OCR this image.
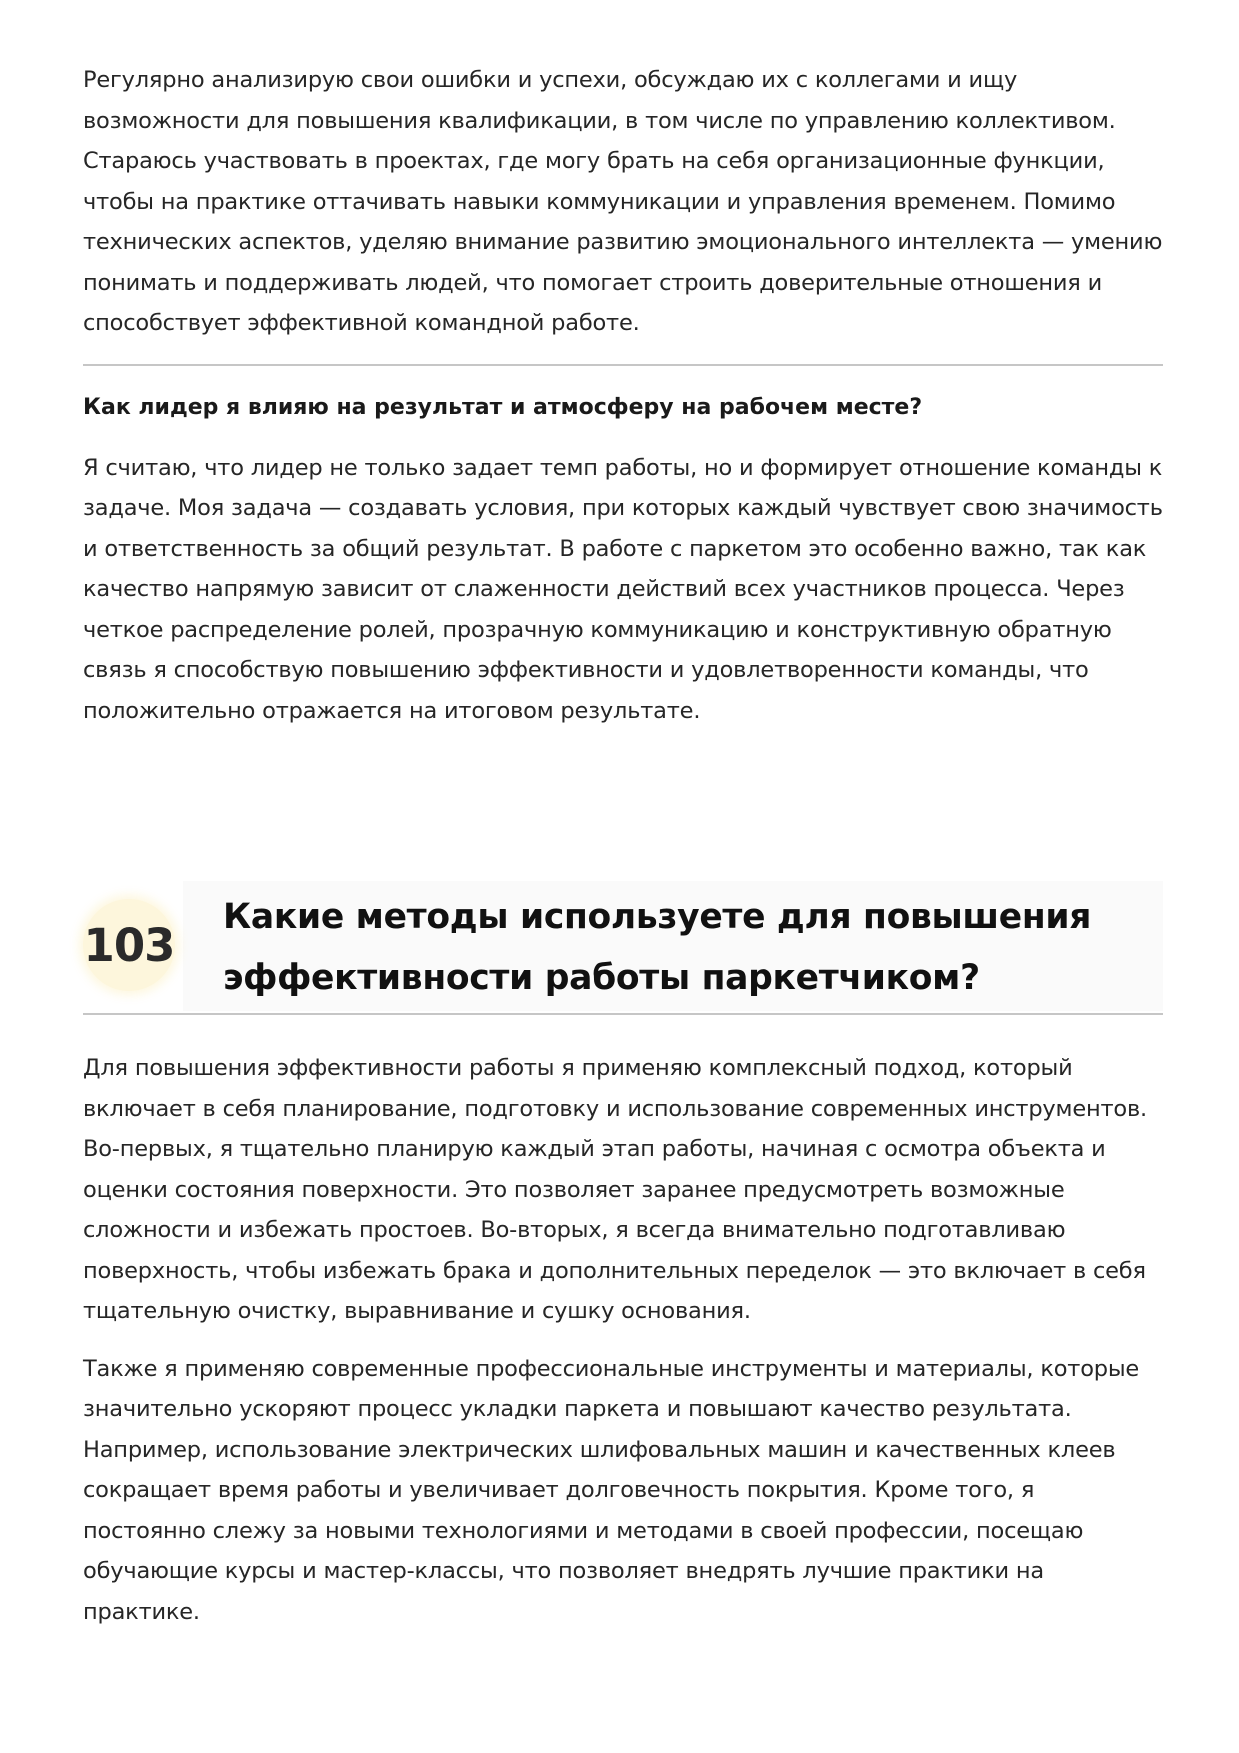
Регулярно анализирую свои ошибки и успехи, обсуждаю их с коллегами и ищу возможности для повышения квалификации, в том числе по управлению коллективом. Стараюсь участвовать в проектах, где могу брать на себя организационные функции, чтобы на практике оттачивать навыки коммуникации и управления временем. Помимо технических аспектов, уделяю внимание развитию эмоционального интеллекта — умению понимать и поддерживать людей, что помогает строить доверительные отношения и способствует эффективной командной работе.

Как лидер я влияю на результат и атмосферу на рабочем месте?

Я считаю, что лидер не только задает темп работы, но и формирует отношение команды к задаче. Моя задача — создавать условия, при которых каждый чувствует свою значимость и ответственность за общий результат. В работе с паркетом это особенно важно, так как качество напрямую зависит от слаженности действий всех участников процесса. Через четкое распределение ролей, прозрачную коммуникацию и конструктивную обратную связь я способствую повышению эффективности и удовлетворенности команды, что положительно отражается на итоговом результате.

103
Какие методы используете для повышения эффективности работы паркетчиком?

Для повышения эффективности работы я применяю комплексный подход, который включает в себя планирование, подготовку и использование современных инструментов. Во-первых, я тщательно планирую каждый этап работы, начиная с осмотра объекта и оценки состояния поверхности. Это позволяет заранее предусмотреть возможные сложности и избежать простоев. Во-вторых, я всегда внимательно подготавливаю поверхность, чтобы избежать брака и дополнительных переделок — это включает в себя тщательную очистку, выравнивание и сушку основания.

Также я применяю современные профессиональные инструменты и материалы, которые значительно ускоряют процесс укладки паркета и повышают качество результата. Например, использование электрических шлифовальных машин и качественных клеев сокращает время работы и увеличивает долговечность покрытия. Кроме того, я постоянно слежу за новыми технологиями и методами в своей профессии, посещаю обучающие курсы и мастер-классы, что позволяет внедрять лучшие практики на практике.
